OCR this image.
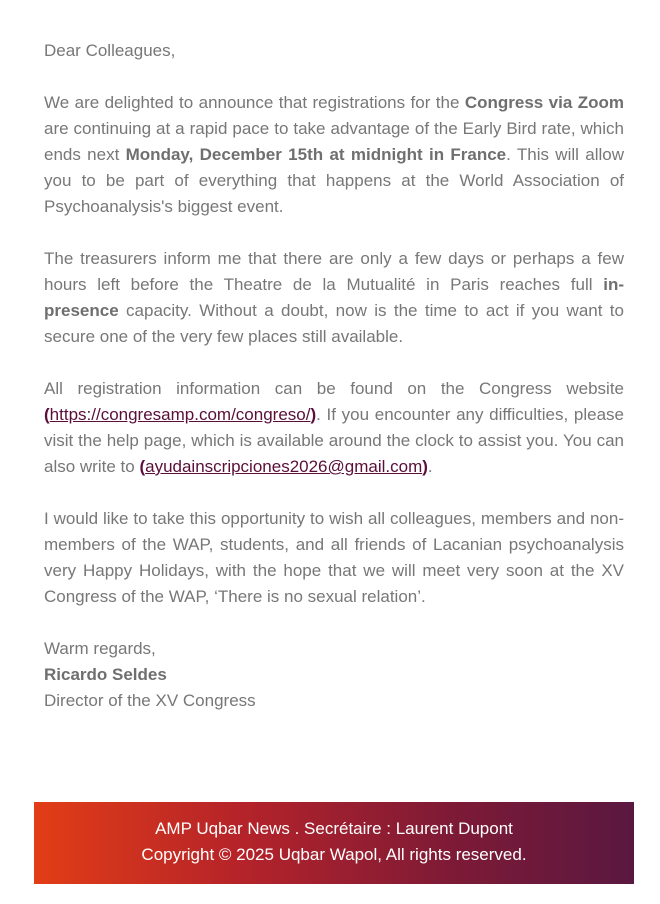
Dear Colleagues,

We are delighted to announce that registrations for the Congress via Zoom are continuing at a rapid pace to take advantage of the Early Bird rate, which ends next Monday, December 15th at midnight in France. This will allow you to be part of everything that happens at the World Association of Psychoanalysis's biggest event.

The treasurers inform me that there are only a few days or perhaps a few hours left before the Theatre de la Mutualité in Paris reaches full in-presence capacity. Without a doubt, now is the time to act if you want to secure one of the very few places still available.

All registration information can be found on the Congress website (https://congresamp.com/congreso/). If you encounter any difficulties, please visit the help page, which is available around the clock to assist you. You can also write to (ayudainscripciones2026@gmail.com).

I would like to take this opportunity to wish all colleagues, members and non-members of the WAP, students, and all friends of Lacanian psychoanalysis very Happy Holidays, with the hope that we will meet very soon at the XV Congress of the WAP, ‘There is no sexual relation’.

Warm regards,
Ricardo Seldes
Director of the XV Congress
AMP Uqbar News . Secrétaire : Laurent Dupont
Copyright © 2025 Uqbar Wapol, All rights reserved.
